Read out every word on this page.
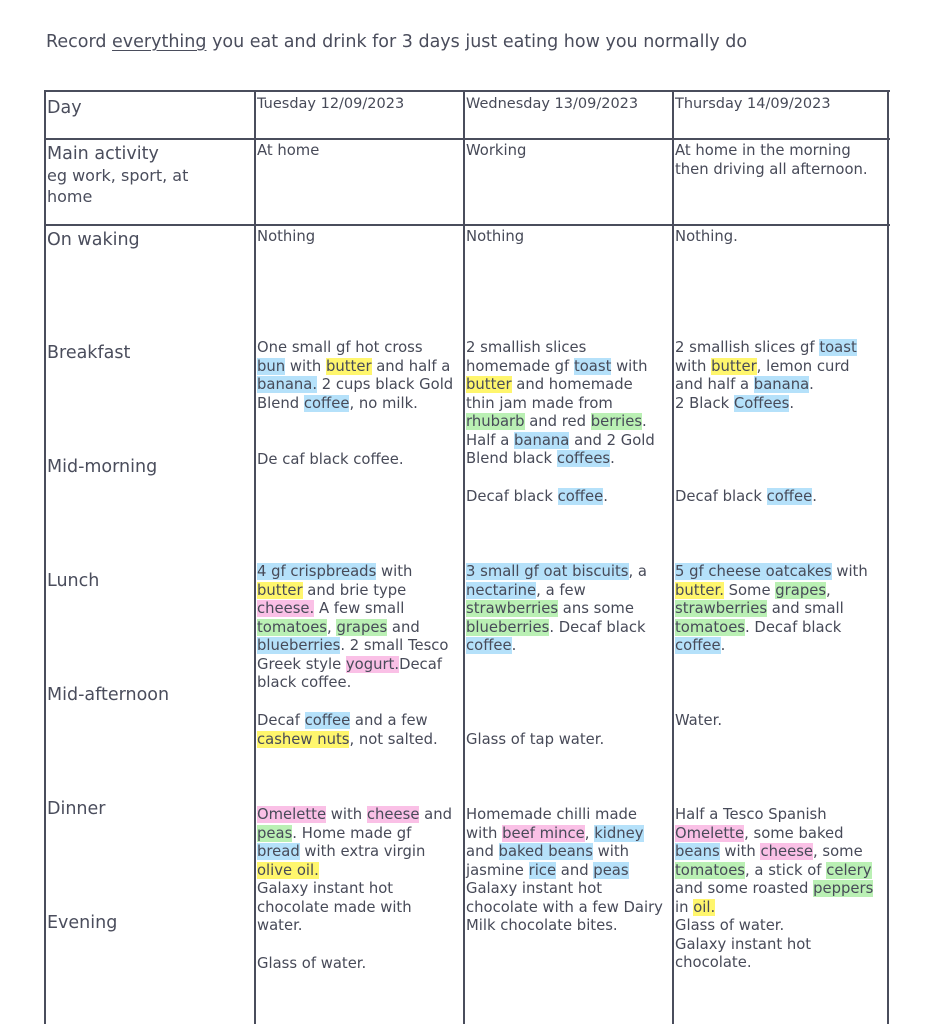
Record everything you eat and drink for 3 days just eating how you normally do
Day
Main activity
eg work, sport, at
home
On waking
Breakfast
Mid-morning
Lunch
Mid-afternoon
Dinner
Evening
Tuesday 12/09/2023	Wednesday 13/09/2023	Thursday 14/09/2023
At home
Nothing
One small gf hot cross
bun with butter and half a
banana. 2 cups black Gold
Blend coffee, no milk.
De caf black coffee.
4 gf crispbreads with
butter and brie type
cheese. A few small
tomatoes, grapes and
blueberries. 2 small Tesco
Greek style yogurt.Decaf
black coffee.
Decaf coffee and a few
cashew nuts, not salted.
Omelette with cheese and
peas. Home made gf
bread with extra virgin
olive oil.
Galaxy instant hot
chocolate made with
water.
Glass of water.
Working
Nothing
2 smallish slices
homemade gf toast with
butter and homemade
thin jam made from
rhubarb and red berries.
Half a banana and 2 Gold
Blend black coffees.
Decaf black coffee.
3 small gf oat biscuits, a
nectarine, a few
strawberries ans some
blueberries. Decaf black
coffee.
Glass of tap water.
Homemade chilli made
with beef mince, kidney
and baked beans with
jasmine rice and peas
Galaxy instant hot
chocolate with a few Dairy
Milk chocolate bites.
At home in the morning
then driving all afternoon.
Nothing.
2 smallish slices gf toast
with butter, lemon curd
and half a banana.
2 Black Coffees.
Decaf black coffee.
5 gf cheese oatcakes with
butter. Some grapes,
strawberries and small
tomatoes. Decaf black
coffee.
Water.
Half a Tesco Spanish
Omelette, some baked
beans with cheese, some
tomatoes, a stick of celery
and some roasted peppers
in oil.
Glass of water.
Galaxy instant hot
chocolate.
